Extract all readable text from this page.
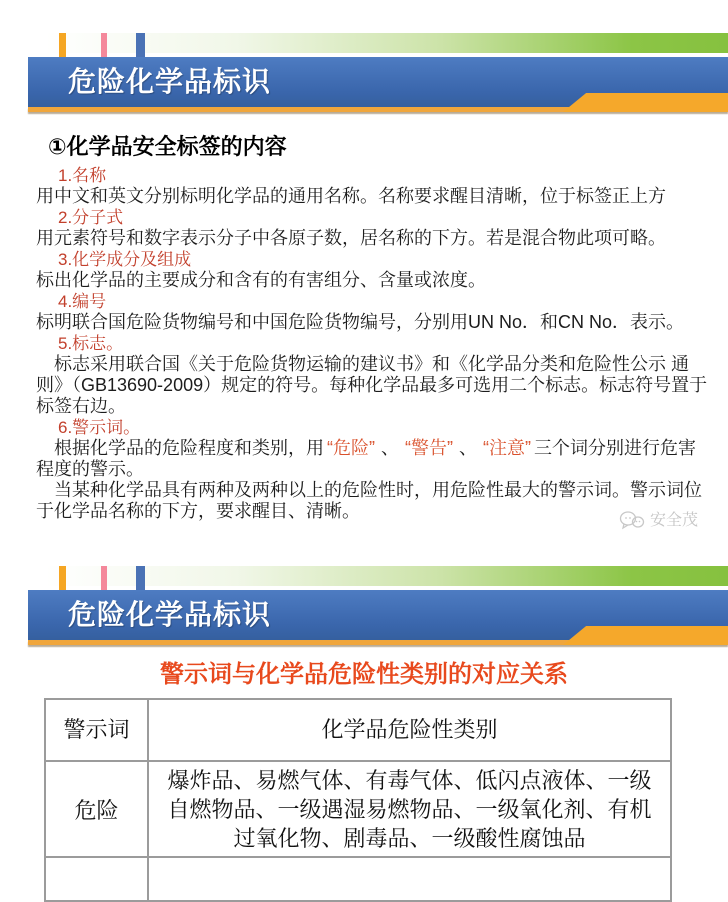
危险化学品标识
①化学品安全标签的内容
1.名称
用中文和英文分别标明化学品的通用名称。名称要求醒目清晰，位于标签正上方
2.分子式
用元素符号和数字表示分子中各原子数，居名称的下方。若是混合物此项可略。
3.化学成分及组成
标出化学品的主要成分和含有的有害组分、含量或浓度。
4.编号
标明联合国危险货物编号和中国危险货物编号，分别用UN No．和CN No．表示。
5.标志。
标志采用联合国《关于危险货物运输的建议书》和《化学品分类和危险性公示 通则》（GB13690-2009）规定的符号。每种化学品最多可选用二个标志。标志符号置于标签右边。
6.警示词。
根据化学品的危险程度和类别，用 “危险” 、 “警告” 、 “注意” 三个词分别进行危害程度的警示。
当某种化学品具有两种及两种以上的危险性时，用危险性最大的警示词。警示词位于化学品名称的下方，要求醒目、清晰。	安全茂
危险化学品标识
警示词与化学品危险性类别的对应关系
警示词	化学品危险性类别
危险	爆炸品、易燃气体、有毒气体、低闪点液体、一级自燃物品、一级遇湿易燃物品、一级氧化剂、有机过氧化物、剧毒品、一级酸性腐蚀品
